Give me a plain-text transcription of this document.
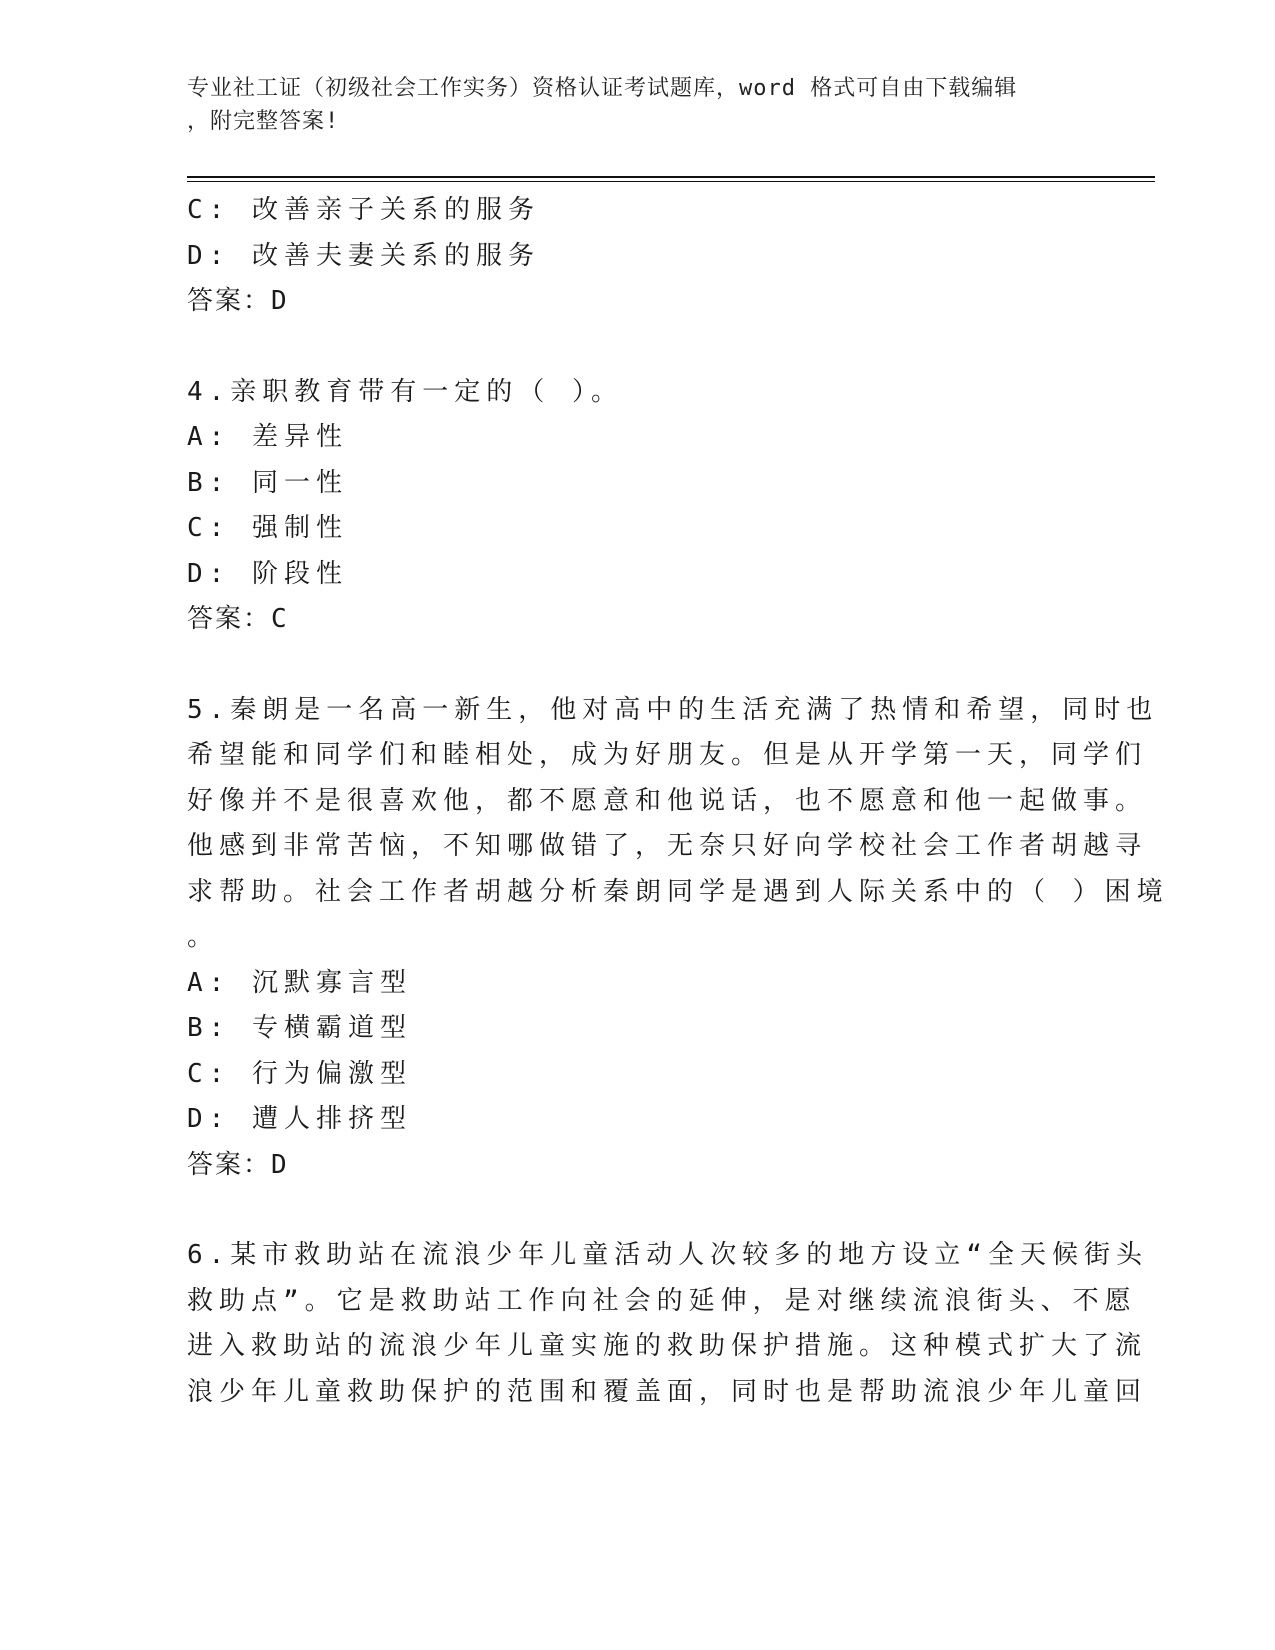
专业社工证（初级社会工作实务）资格认证考试题库，word 格式可自由下载编辑
，附完整答案!
C: 改善亲子关系的服务
D: 改善夫妻关系的服务
答案：D
4.亲职教育带有一定的（ ）。
A: 差异性
B: 同一性
C: 强制性
D: 阶段性
答案：C
5.秦朗是一名高一新生，他对高中的生活充满了热情和希望，同时也
希望能和同学们和睦相处，成为好朋友。但是从开学第一天，同学们
好像并不是很喜欢他，都不愿意和他说话，也不愿意和他一起做事。
他感到非常苦恼，不知哪做错了，无奈只好向学校社会工作者胡越寻
求帮助。社会工作者胡越分析秦朗同学是遇到人际关系中的（ ）困境
。
A: 沉默寡言型
B: 专横霸道型
C: 行为偏激型
D: 遭人排挤型
答案：D
6.某市救助站在流浪少年儿童活动人次较多的地方设立“全天候街头
救助点”。它是救助站工作向社会的延伸，是对继续流浪街头、不愿
进入救助站的流浪少年儿童实施的救助保护措施。这种模式扩大了流
浪少年儿童救助保护的范围和覆盖面，同时也是帮助流浪少年儿童回
